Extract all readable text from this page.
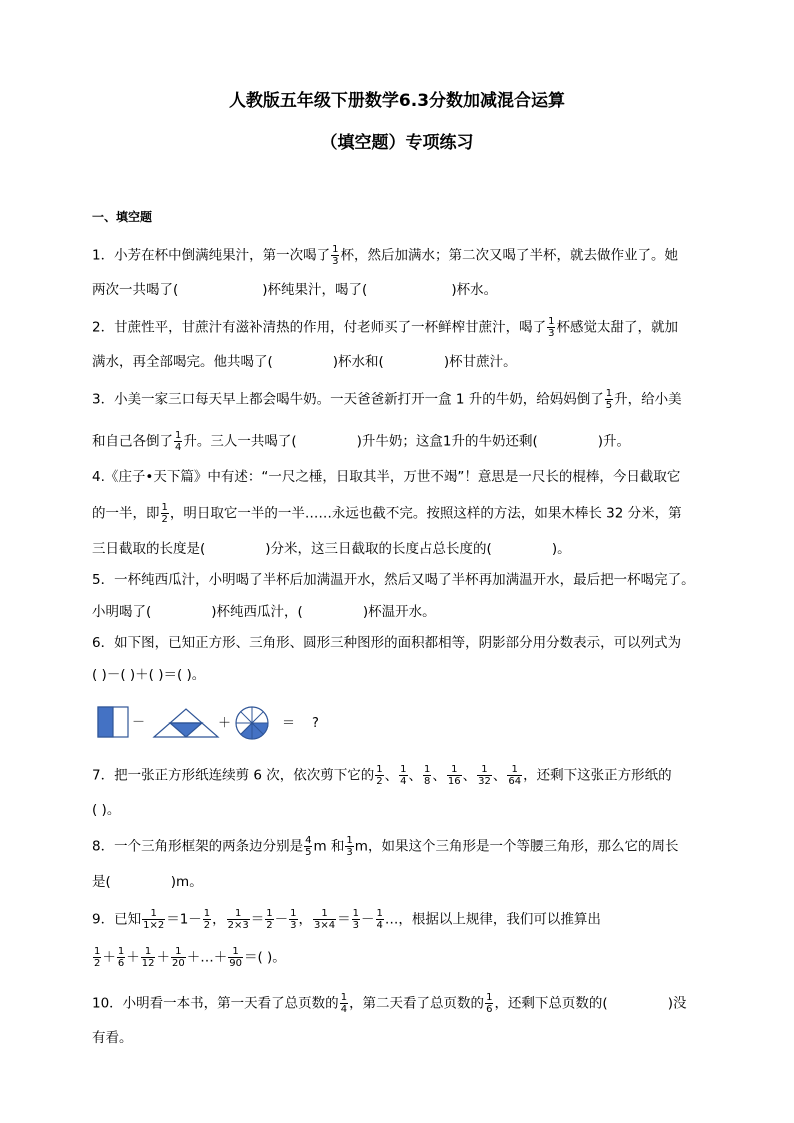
人教版五年级下册数学6.3分数加减混合运算
（填空题）专项练习
一、填空题
1．小芳在杯中倒满纯果汁，第一次喝了 $\frac{1}{3}$ 杯，然后加满水；第二次又喝了半杯，就去做作业了。她
两次一共喝了(	)杯纯果汁，喝了(	)杯水。
2．甘蔗性平，甘蔗汁有滋补清热的作用，付老师买了一杯鲜榨甘蔗汁，喝了 $\frac{1}{3}$ 杯感觉太甜了，就加
满水，再全部喝完。他共喝了(	)杯水和(	)杯甘蔗汁。
3．小美一家三口每天早上都会喝牛奶。一天爸爸新打开一盒 1 升的牛奶，给妈妈倒了 $\frac{1}{5}$ 升，给小美
和自己各倒了 $\frac{1}{4}$ 升。三人一共喝了(	)升牛奶；这盒1升的牛奶还剩(	)升。
4.《庄子•天下篇》中有述：“一尺之棰，日取其半，万世不竭”！意思是一尺长的棍棒，今日截取它
的一半，即 $\frac{1}{2}$ ，明日取它一半的一半……永远也截不完。按照这样的方法，如果木棒长 32 分米，第
三日截取的长度是(	)分米，这三日截取的长度占总长度的(	)。
5．一杯纯西瓜汁，小明喝了半杯后加满温开水，然后又喝了半杯再加满温开水，最后把一杯喝完了。
小明喝了(	)杯纯西瓜汁，(	)杯温开水。
6．如下图，已知正方形、三角形、圆形三种图形的面积都相等，阴影部分用分数表示，可以列式为
( )－( )＋( )＝( )。
－	＋	＝ ?
7．把一张正方形纸连续剪 6 次，依次剪下它的 $\frac{1}{2}$ 、 $\frac{1}{4}$ 、 $\frac{1}{8}$ 、 $\frac{1}{16}$ 、 $\frac{1}{32}$ 、 $\frac{1}{64}$ ，还剩下这张正方形纸的
( )。
8．一个三角形框架的两条边分别是 $\frac{4}{5}$ m 和 $\frac{1}{3}$ m，如果这个三角形是一个等腰三角形，那么它的周长
是(	)m。
9．已知 $\frac{1}{1\times 2} =1- \frac{1}{2}$ ， $\frac{1}{2\times 3} = \frac{1}{2} - \frac{1}{3}$ ， $\frac{1}{3\times 4} = \frac{1}{3} - \frac{1}{4}$ …，根据以上规律，我们可以推算出
$\frac{1}{2} + \frac{1}{6} + \frac{1}{12} + \frac{1}{20}$ ＋…＋ $\frac{1}{90}$ ＝( )。
10．小明看一本书，第一天看了总页数的 $\frac{1}{4}$ ，第二天看了总页数的 $\frac{1}{6}$ ，还剩下总页数的(	)没
有看。
